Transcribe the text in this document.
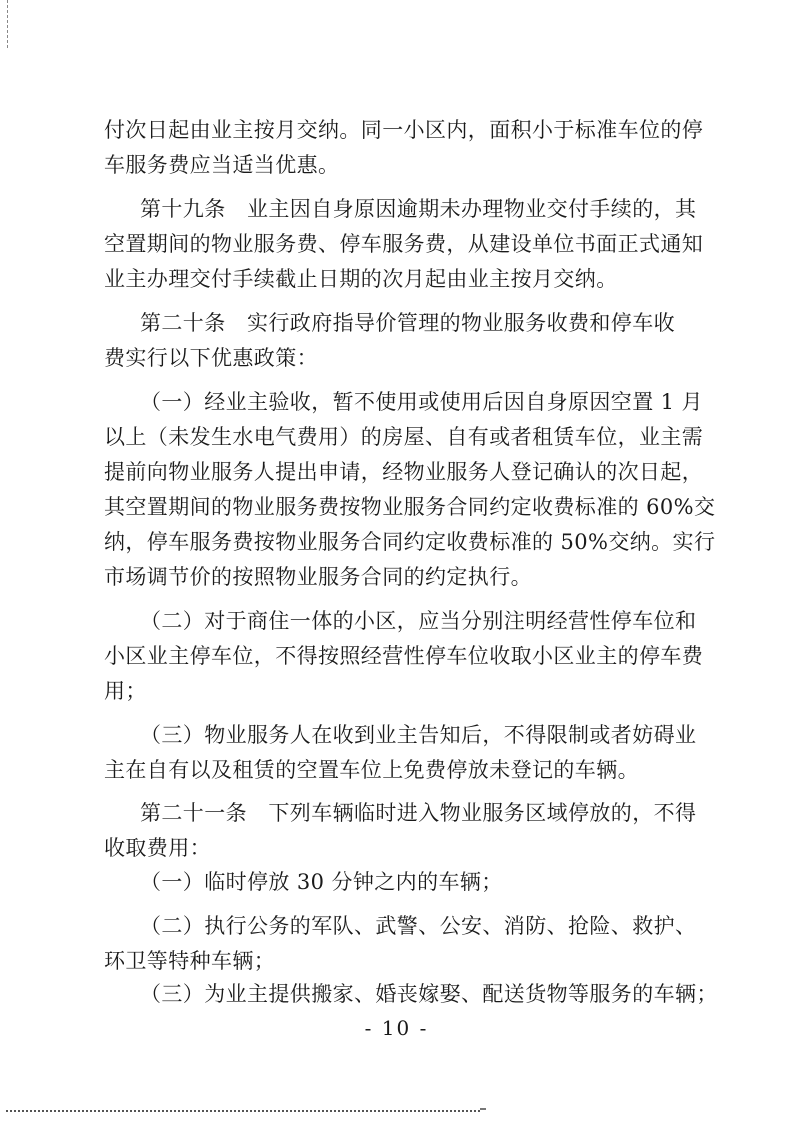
付次日起由业主按月交纳。同一小区内，面积小于标准车位的停
车服务费应当适当优惠。
第十九条　业主因自身原因逾期未办理物业交付手续的，其
空置期间的物业服务费、停车服务费，从建设单位书面正式通知
业主办理交付手续截止日期的次月起由业主按月交纳。
第二十条　实行政府指导价管理的物业服务收费和停车收
费实行以下优惠政策：
（一）经业主验收，暂不使用或使用后因自身原因空置 1 月
以上（未发生水电气费用）的房屋、自有或者租赁车位，业主需
提前向物业服务人提出申请，经物业服务人登记确认的次日起，
其空置期间的物业服务费按物业服务合同约定收费标准的 60%交
纳，停车服务费按物业服务合同约定收费标准的 50%交纳。实行
市场调节价的按照物业服务合同的约定执行。
（二）对于商住一体的小区，应当分别注明经营性停车位和
小区业主停车位，不得按照经营性停车位收取小区业主的停车费
用；
（三）物业服务人在收到业主告知后，不得限制或者妨碍业
主在自有以及租赁的空置车位上免费停放未登记的车辆。
第二十一条　下列车辆临时进入物业服务区域停放的，不得
收取费用：
（一）临时停放 30 分钟之内的车辆；
（二）执行公务的军队、武警、公安、消防、抢险、救护、
环卫等特种车辆；
（三）为业主提供搬家、婚丧嫁娶、配送货物等服务的车辆；
- 10 -
